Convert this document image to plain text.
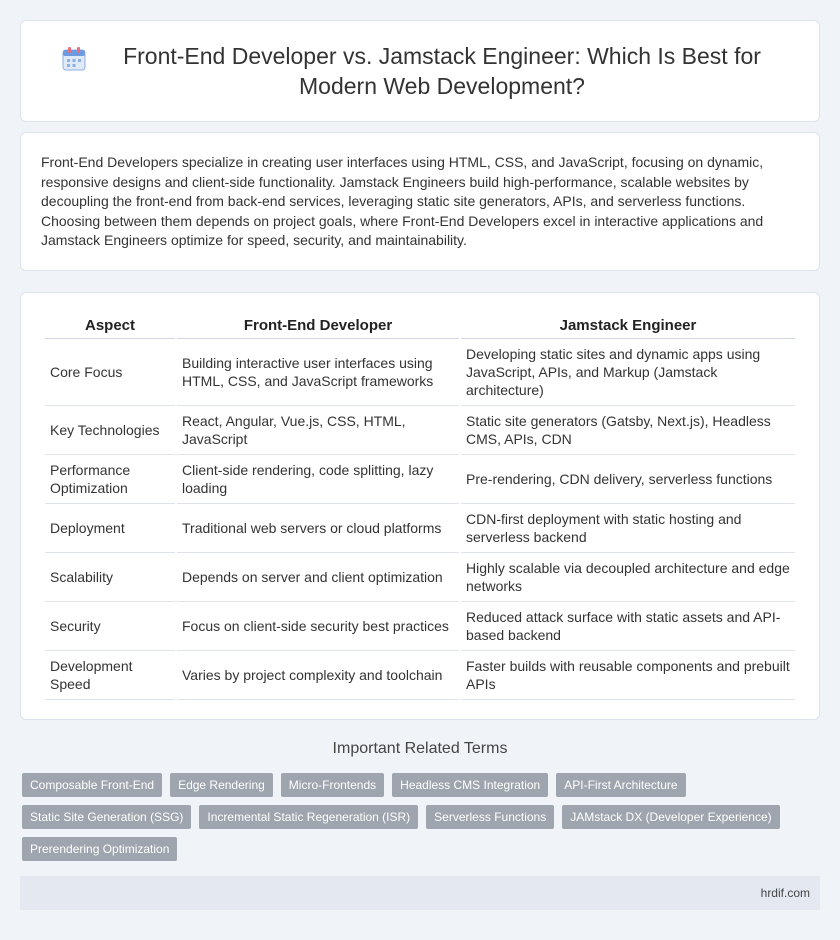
Front-End Developer vs. Jamstack Engineer: Which Is Best for Modern Web Development?

Front-End Developers specialize in creating user interfaces using HTML, CSS, and JavaScript, focusing on dynamic, responsive designs and client-side functionality. Jamstack Engineers build high-performance, scalable websites by decoupling the front-end from back-end services, leveraging static site generators, APIs, and serverless functions. Choosing between them depends on project goals, where Front-End Developers excel in interactive applications and Jamstack Engineers optimize for speed, security, and maintainability.

Aspect	Front-End Developer	Jamstack Engineer
Core Focus	Building interactive user interfaces using HTML, CSS, and JavaScript frameworks	Developing static sites and dynamic apps using JavaScript, APIs, and Markup (Jamstack architecture)
Key Technologies	React, Angular, Vue.js, CSS, HTML, JavaScript	Static site generators (Gatsby, Next.js), Headless CMS, APIs, CDN
Performance Optimization	Client-side rendering, code splitting, lazy loading	Pre-rendering, CDN delivery, serverless functions
Deployment	Traditional web servers or cloud platforms	CDN-first deployment with static hosting and serverless backend
Scalability	Depends on server and client optimization	Highly scalable via decoupled architecture and edge networks
Security	Focus on client-side security best practices	Reduced attack surface with static assets and API-based backend
Development Speed	Varies by project complexity and toolchain	Faster builds with reusable components and prebuilt APIs
Important Related Terms
Composable Front-End	Edge Rendering	Micro-Frontends	Headless CMS Integration	API-First Architecture
Static Site Generation (SSG)	Incremental Static Regeneration (ISR)	Serverless Functions	JAMstack DX (Developer Experience)
Prerendering Optimization
hrdif.com
